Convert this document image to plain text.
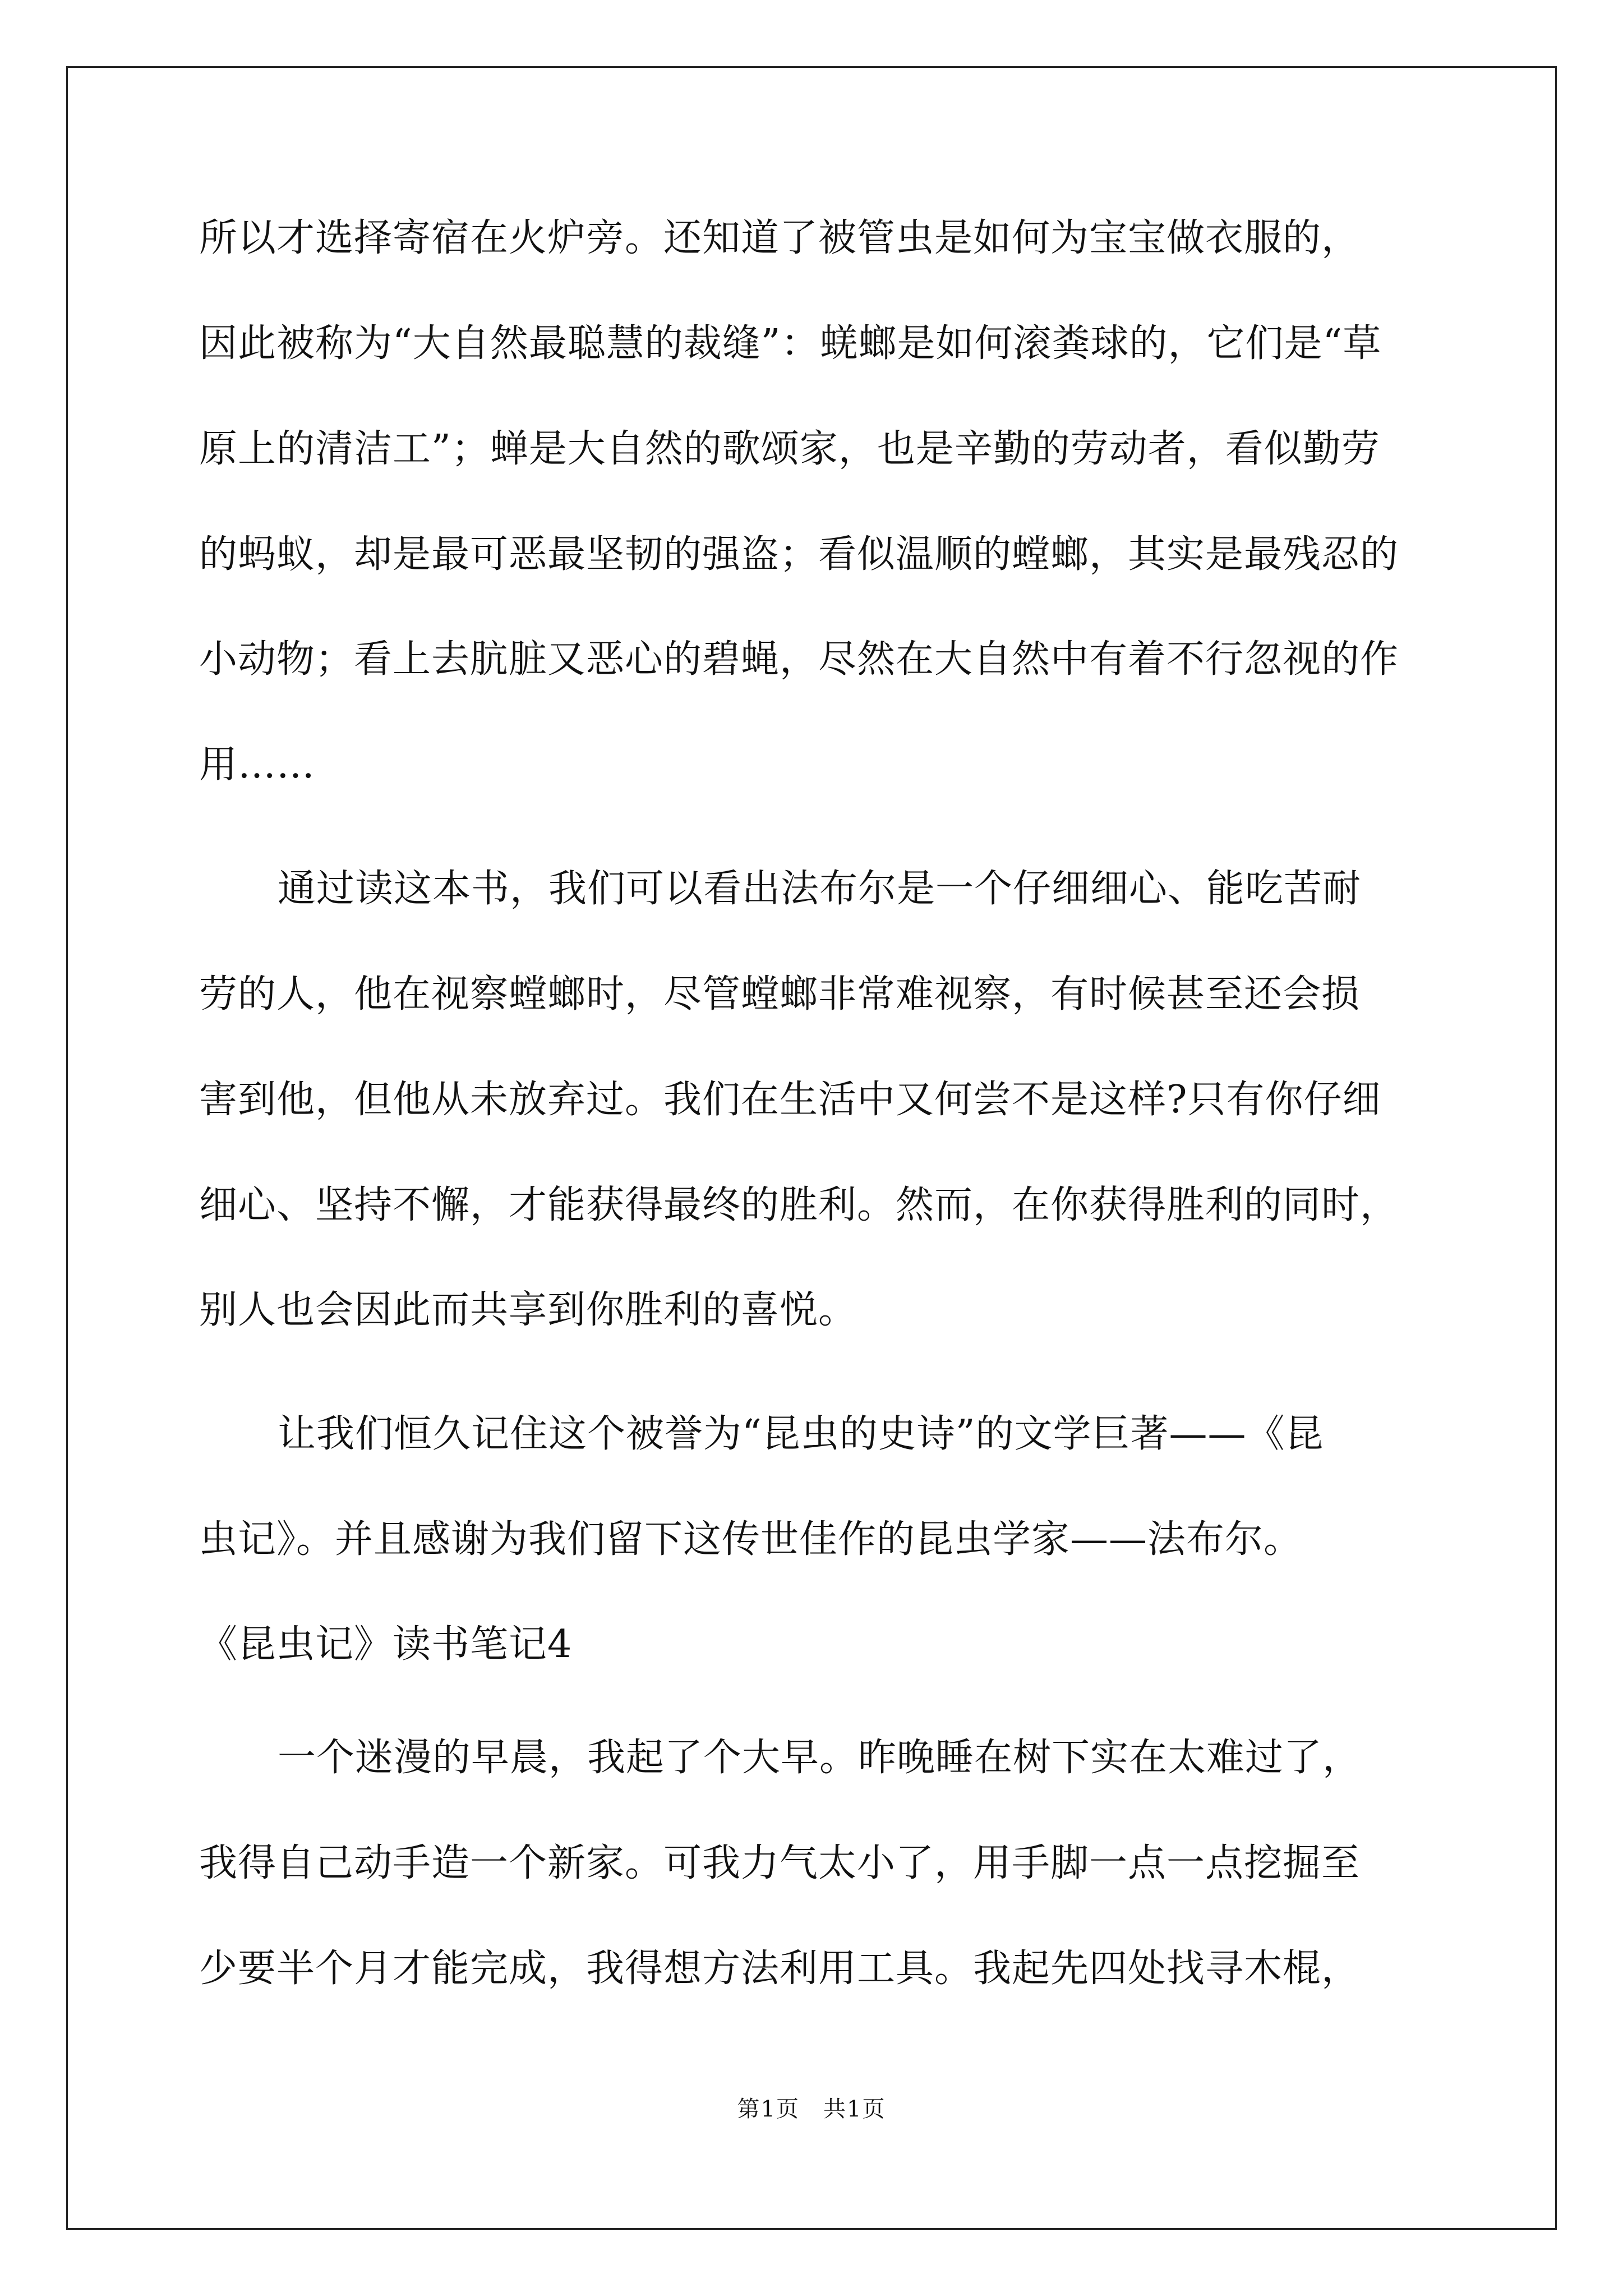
所以才选择寄宿在火炉旁。还知道了被管虫是如何为宝宝做衣服的，
因此被称为“大自然最聪慧的裁缝”：蜣螂是如何滚粪球的，它们是“草
原上的清洁工”；蝉是大自然的歌颂家，也是辛勤的劳动者，看似勤劳
的蚂蚁，却是最可恶最坚韧的强盗；看似温顺的螳螂，其实是最残忍的
小动物；看上去肮脏又恶心的碧蝇，尽然在大自然中有着不行忽视的作
用……
通过读这本书，我们可以看出法布尔是一个仔细细心、能吃苦耐
劳的人，他在视察螳螂时，尽管螳螂非常难视察，有时候甚至还会损
害到他，但他从未放弃过。我们在生活中又何尝不是这样?只有你仔细
细心、坚持不懈，才能获得最终的胜利。然而，在你获得胜利的同时，
别人也会因此而共享到你胜利的喜悦。
让我们恒久记住这个被誉为“昆虫的史诗”的文学巨著——《昆
虫记》。并且感谢为我们留下这传世佳作的昆虫学家——法布尔。
《昆虫记》读书笔记4
一个迷漫的早晨，我起了个大早。昨晚睡在树下实在太难过了，
我得自己动手造一个新家。可我力气太小了，用手脚一点一点挖掘至
少要半个月才能完成，我得想方法利用工具。我起先四处找寻木棍，
第1页　共1页
